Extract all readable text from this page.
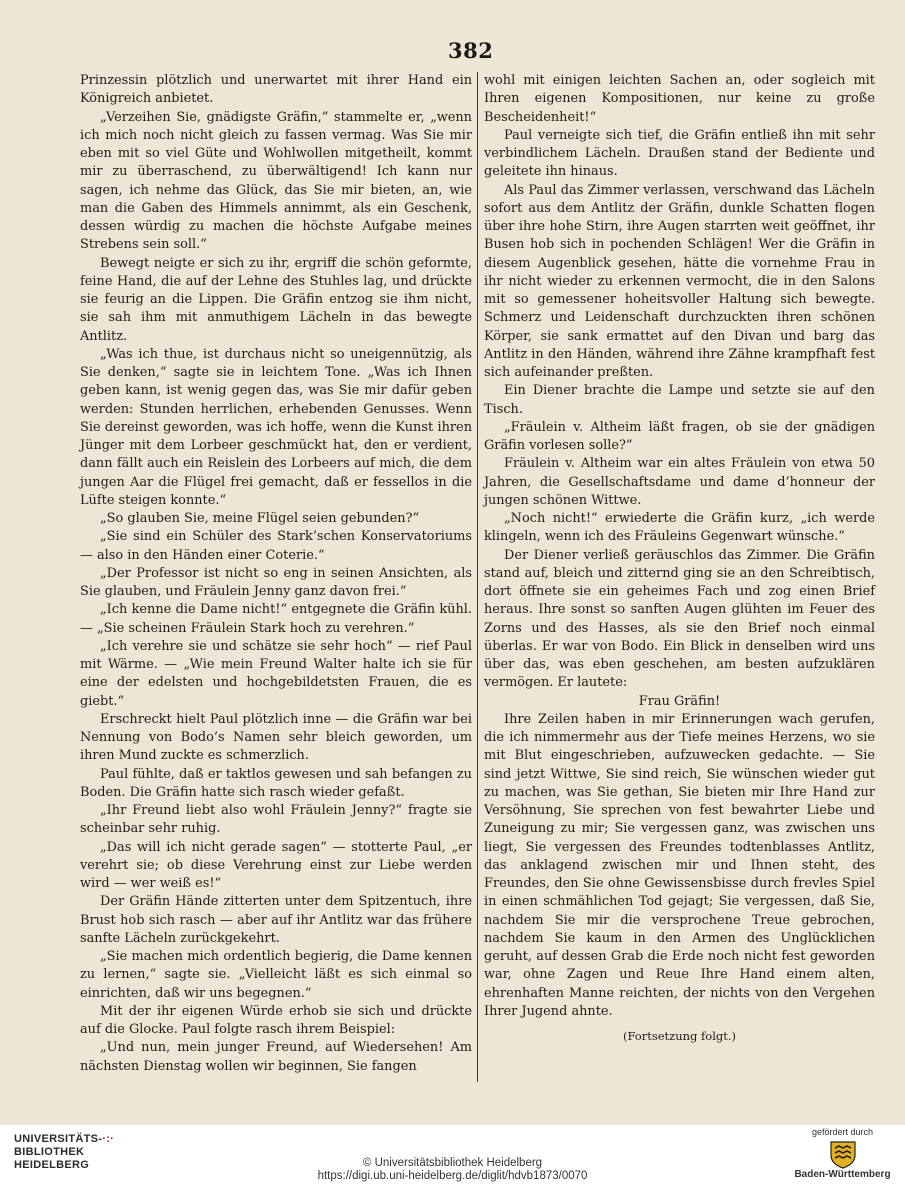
382

Prinzessin plötzlich und unerwartet mit ihrer Hand ein Königreich anbietet.

„Verzeihen Sie, gnädigste Gräfin,“ stammelte er, „wenn ich mich noch nicht gleich zu fassen vermag. Was Sie mir eben mit so viel Güte und Wohlwollen mitgetheilt, kommt mir zu überraschend, zu überwältigend! Ich kann nur sagen, ich nehme das Glück, das Sie mir bieten, an, wie man die Gaben des Himmels annimmt, als ein Geschenk, dessen würdig zu machen die höchste Aufgabe meines Strebens sein soll.“

Bewegt neigte er sich zu ihr, ergriff die schön geformte, feine Hand, die auf der Lehne des Stuhles lag, und drückte sie feurig an die Lippen. Die Gräfin entzog sie ihm nicht, sie sah ihm mit anmuthigem Lächeln in das bewegte Antlitz.

„Was ich thue, ist durchaus nicht so uneigennützig, als Sie denken,“ sagte sie in leichtem Tone. „Was ich Ihnen geben kann, ist wenig gegen das, was Sie mir dafür geben werden: Stunden herrlichen, erhebenden Genusses. Wenn Sie dereinst geworden, was ich hoffe, wenn die Kunst ihren Jünger mit dem Lorbeer geschmückt hat, den er verdient, dann fällt auch ein Reislein des Lorbeers auf mich, die dem jungen Aar die Flügel frei gemacht, daß er fessellos in die Lüfte steigen konnte.“

„So glauben Sie, meine Flügel seien gebunden?“

„Sie sind ein Schüler des Stark’schen Konservatoriums — also in den Händen einer Coterie.“

„Der Professor ist nicht so eng in seinen Ansichten, als Sie glauben, und Fräulein Jenny ganz davon frei.“

„Ich kenne die Dame nicht!“ entgegnete die Gräfin kühl. — „Sie scheinen Fräulein Stark hoch zu verehren.“

„Ich verehre sie und schätze sie sehr hoch“ — rief Paul mit Wärme. — „Wie mein Freund Walter halte ich sie für eine der edelsten und hochgebildetsten Frauen, die es giebt.“

Erschreckt hielt Paul plötzlich inne — die Gräfin war bei Nennung von Bodo’s Namen sehr bleich geworden, um ihren Mund zuckte es schmerzlich.

Paul fühlte, daß er taktlos gewesen und sah befangen zu Boden. Die Gräfin hatte sich rasch wieder gefaßt.

„Ihr Freund liebt also wohl Fräulein Jenny?“ fragte sie scheinbar sehr ruhig.

„Das will ich nicht gerade sagen“ — stotterte Paul, „er verehrt sie; ob diese Verehrung einst zur Liebe werden wird — wer weiß es!“

Der Gräfin Hände zitterten unter dem Spitzentuch, ihre Brust hob sich rasch — aber auf ihr Antlitz war das frühere sanfte Lächeln zurückgekehrt.

„Sie machen mich ordentlich begierig, die Dame kennen zu lernen,“ sagte sie. „Vielleicht läßt es sich einmal so einrichten, daß wir uns begegnen.“

Mit der ihr eigenen Würde erhob sie sich und drückte auf die Glocke. Paul folgte rasch ihrem Beispiel:

„Und nun, mein junger Freund, auf Wiedersehen! Am nächsten Dienstag wollen wir beginnen, Sie fangen

wohl mit einigen leichten Sachen an, oder sogleich mit Ihren eigenen Kompositionen, nur keine zu große Bescheidenheit!“

Paul verneigte sich tief, die Gräfin entließ ihn mit sehr verbindlichem Lächeln. Draußen stand der Bediente und geleitete ihn hinaus.

Als Paul das Zimmer verlassen, verschwand das Lächeln sofort aus dem Antlitz der Gräfin, dunkle Schatten flogen über ihre hohe Stirn, ihre Augen starrten weit geöffnet, ihr Busen hob sich in pochenden Schlägen! Wer die Gräfin in diesem Augenblick gesehen, hätte die vornehme Frau in ihr nicht wieder zu erkennen vermocht, die in den Salons mit so gemessener hoheitsvoller Haltung sich bewegte. Schmerz und Leidenschaft durchzuckten ihren schönen Körper, sie sank ermattet auf den Divan und barg das Antlitz in den Händen, während ihre Zähne krampfhaft fest sich aufeinander preßten.

Ein Diener brachte die Lampe und setzte sie auf den Tisch.

„Fräulein v. Altheim läßt fragen, ob sie der gnädigen Gräfin vorlesen solle?“

Fräulein v. Altheim war ein altes Fräulein von etwa 50 Jahren, die Gesellschaftsdame und dame d’honneur der jungen schönen Wittwe.

„Noch nicht!“ erwiederte die Gräfin kurz, „ich werde klingeln, wenn ich des Fräuleins Gegenwart wünsche.“

Der Diener verließ geräuschlos das Zimmer. Die Gräfin stand auf, bleich und zitternd ging sie an den Schreibtisch, dort öffnete sie ein geheimes Fach und zog einen Brief heraus. Ihre sonst so sanften Augen glühten im Feuer des Zorns und des Hasses, als sie den Brief noch einmal überlas. Er war von Bodo. Ein Blick in denselben wird uns über das, was eben geschehen, am besten aufzuklären vermögen. Er lautete:

Frau Gräfin!

Ihre Zeilen haben in mir Erinnerungen wach gerufen, die ich nimmermehr aus der Tiefe meines Herzens, wo sie mit Blut eingeschrieben, aufzuwecken gedachte. — Sie sind jetzt Wittwe, Sie sind reich, Sie wünschen wieder gut zu machen, was Sie gethan, Sie bieten mir Ihre Hand zur Versöhnung, Sie sprechen von fest bewahrter Liebe und Zuneigung zu mir; Sie vergessen ganz, was zwischen uns liegt, Sie vergessen des Freundes todtenblasses Antlitz, das anklagend zwischen mir und Ihnen steht, des Freundes, den Sie ohne Gewissensbisse durch frevles Spiel in einen schmählichen Tod gejagt; Sie vergessen, daß Sie, nachdem Sie mir die versprochene Treue gebrochen, nachdem Sie kaum in den Armen des Unglücklichen geruht, auf dessen Grab die Erde noch nicht fest geworden war, ohne Zagen und Reue Ihre Hand einem alten, ehrenhaften Manne reichten, der nichts von den Vergehen Ihrer Jugend ahnte.

(Fortsetzung folgt.)
UNIVERSITÄTS-·:·
BIBLIOTHEK
HEIDELBERG	© Universitätsbibliothek Heidelberg
https://digi.ub.uni-heidelberg.de/diglit/hdvb1873/0070
gefördert durch
Baden-Württemberg
